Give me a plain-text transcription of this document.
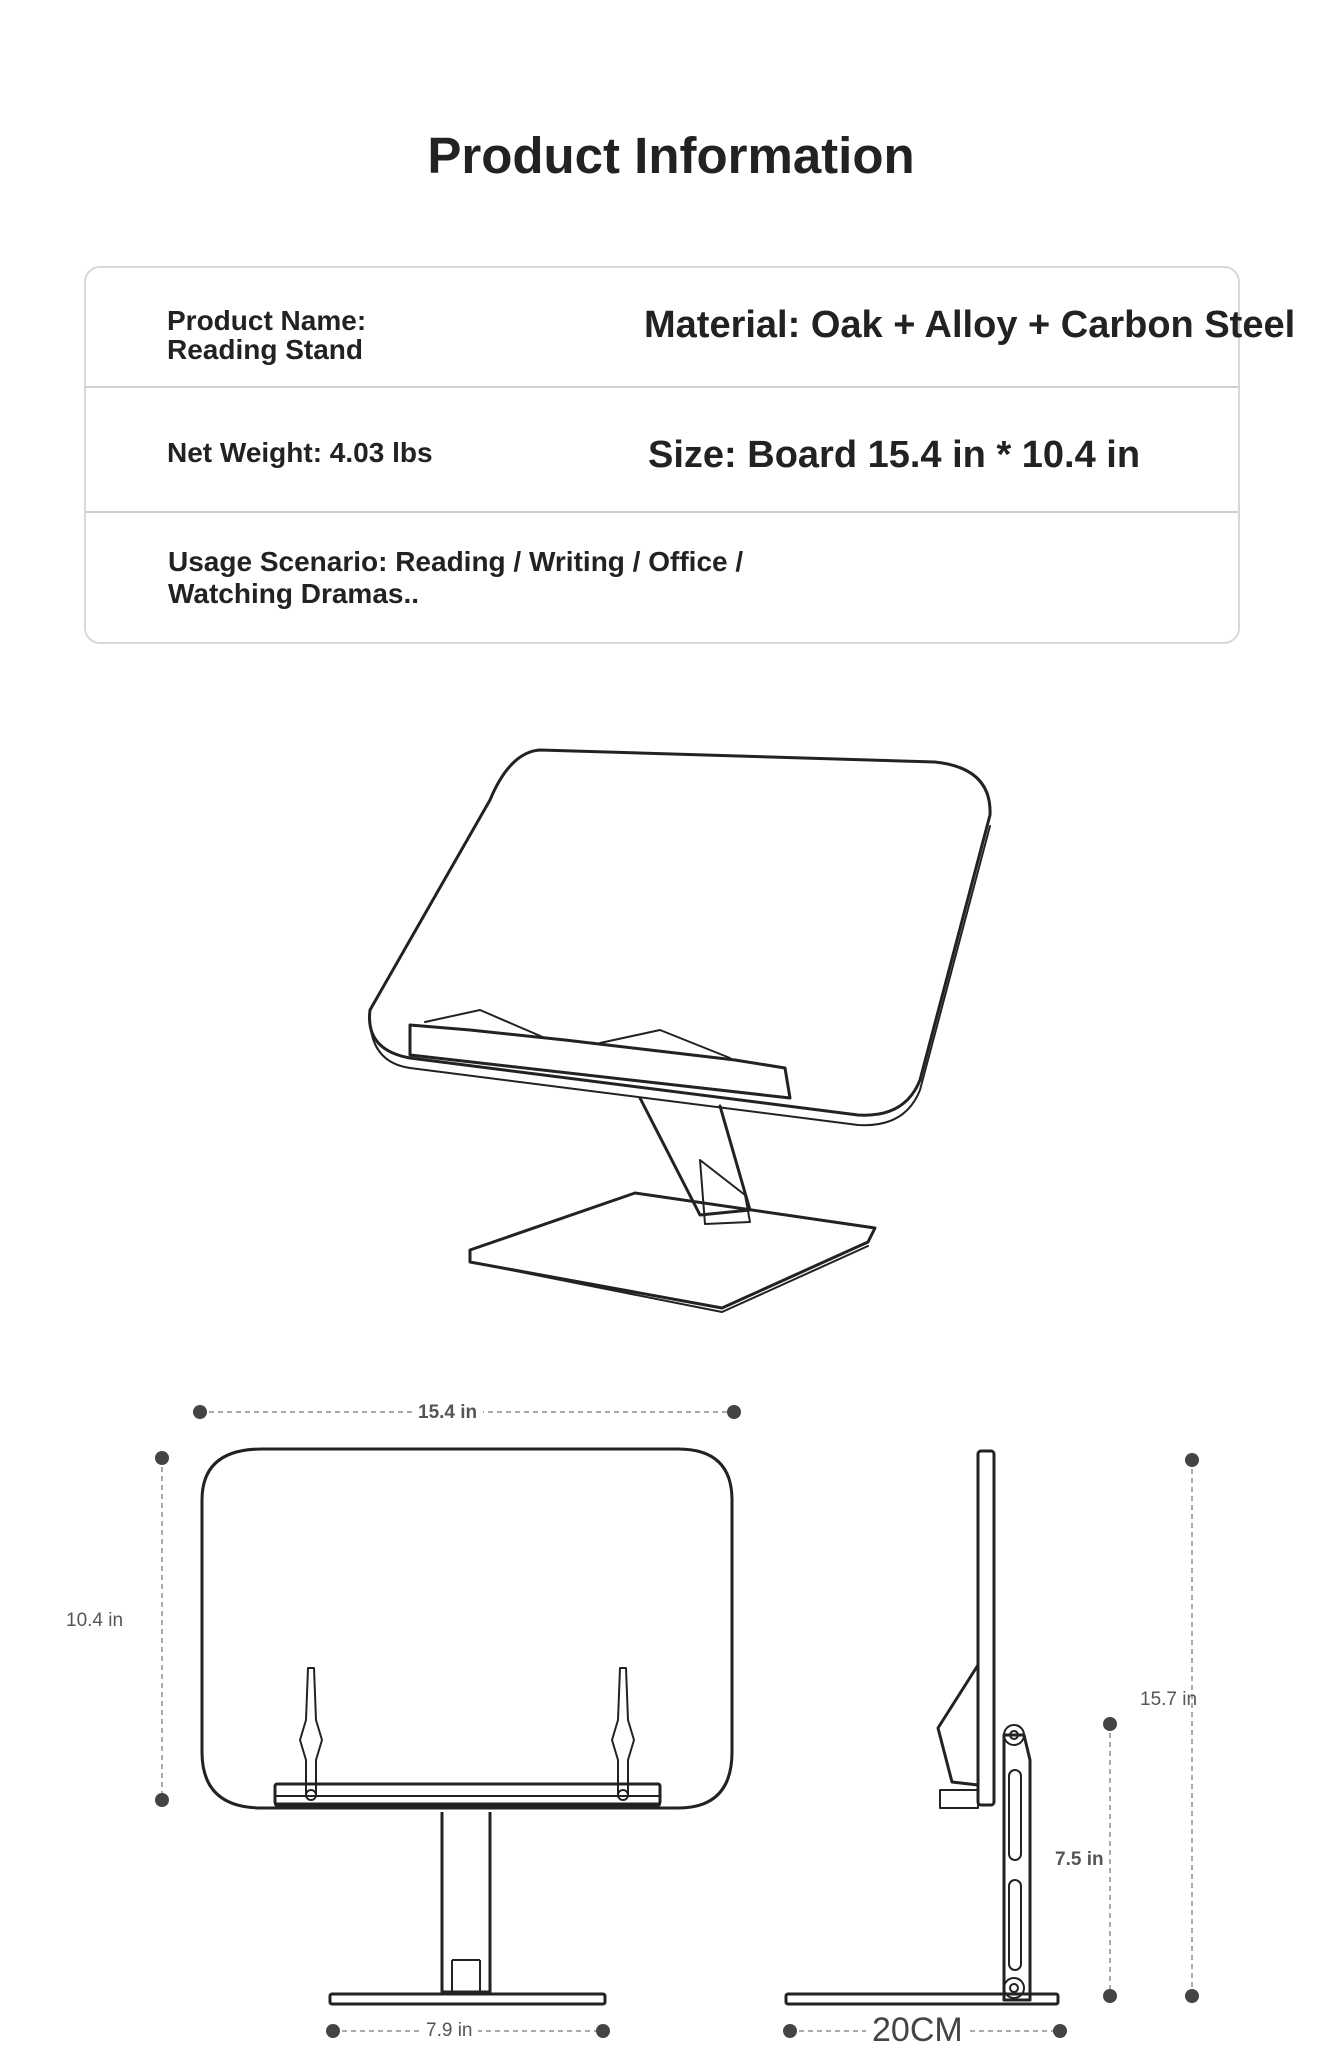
Product Information
Product Name:
Reading Stand
Material: Oak + Alloy + Carbon Steel
Net Weight: 4.03 lbs	Size: Board 15.4 in * 10.4 in
Usage Scenario: Reading / Writing / Office /
Watching Dramas..
15.4 in
10.4 in
7.9 in
15.7 in
7.5 in
20CM
